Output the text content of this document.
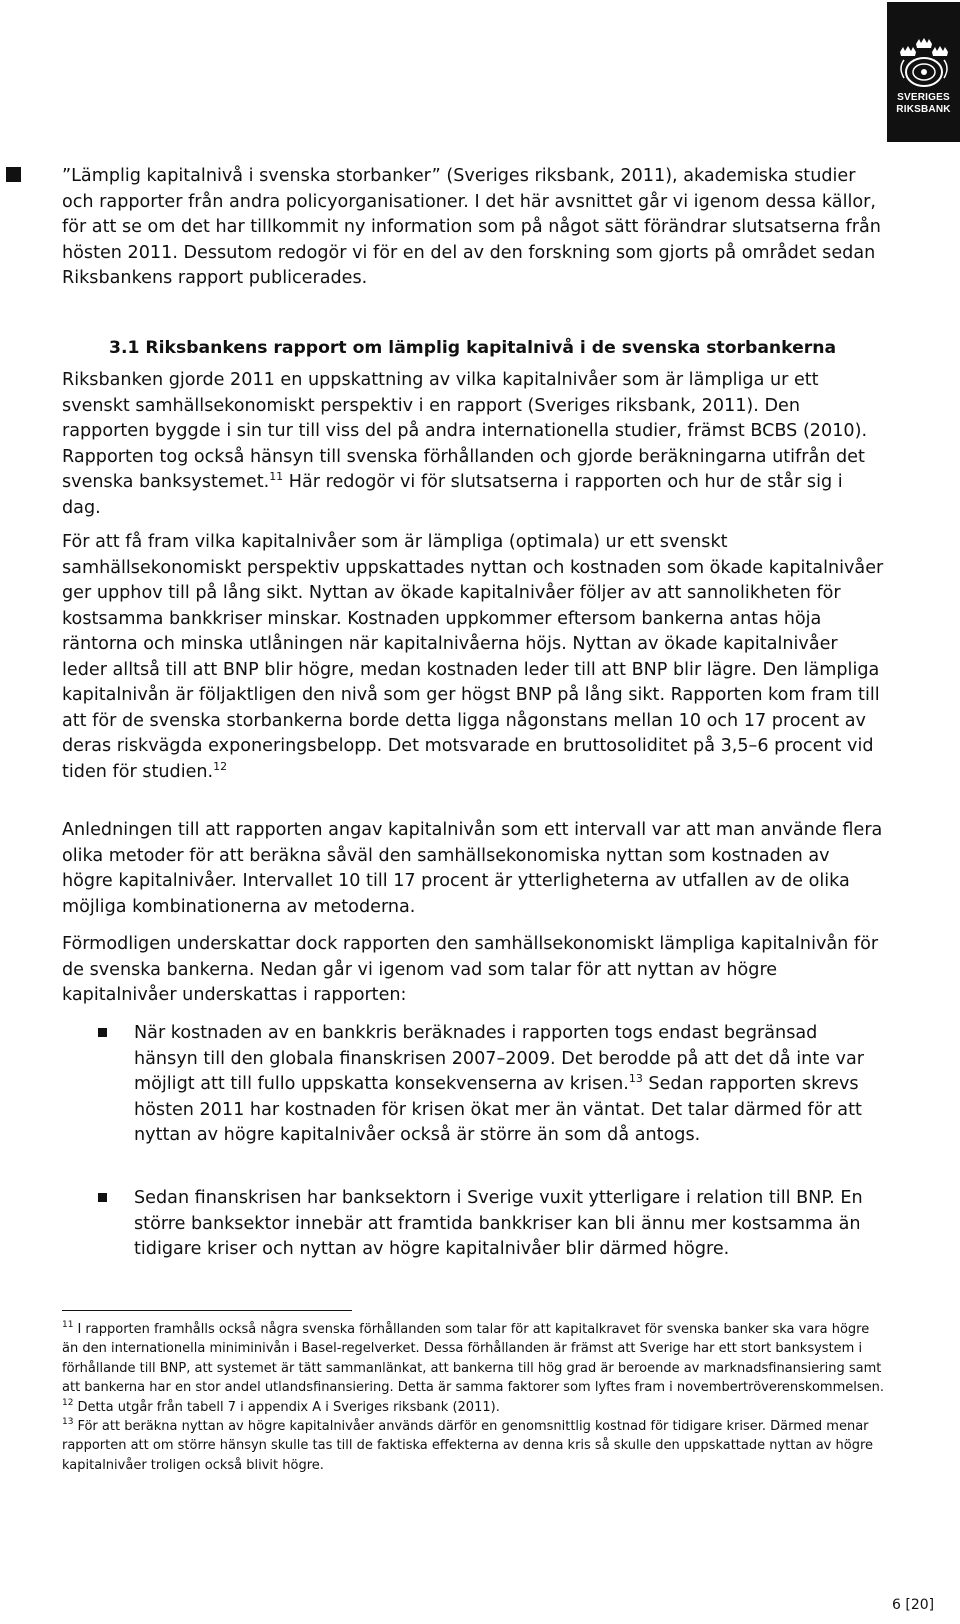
SVERIGES
RIKSBANK

”Lämplig kapitalnivå i svenska storbanker” (Sveriges riksbank, 2011), akademiska studier och rapporter från andra policyorganisationer. I det här avsnittet går vi igenom dessa källor, för att se om det har tillkommit ny information som på något sätt förändrar slutsatserna från hösten 2011. Dessutom redogör vi för en del av den forskning som gjorts på området sedan Riksbankens rapport publicerades.

3.1 Riksbankens rapport om lämplig kapitalnivå i de svenska storbankerna

Riksbanken gjorde 2011 en uppskattning av vilka kapitalnivåer som är lämpliga ur ett svenskt samhällsekonomiskt perspektiv i en rapport (Sveriges riksbank, 2011). Den rapporten byggde i sin tur till viss del på andra internationella studier, främst BCBS (2010). Rapporten tog också hänsyn till svenska förhållanden och gjorde beräkningarna utifrån det svenska banksystemet.$^{11}$ Här redogör vi för slutsatserna i rapporten och hur de står sig i dag.

För att få fram vilka kapitalnivåer som är lämpliga (optimala) ur ett svenskt samhällsekonomiskt perspektiv uppskattades nyttan och kostnaden som ökade kapitalnivåer ger upphov till på lång sikt. Nyttan av ökade kapitalnivåer följer av att sannolikheten för kostsamma bankkriser minskar. Kostnaden uppkommer eftersom bankerna antas höja räntorna och minska utlåningen när kapitalnivåerna höjs. Nyttan av ökade kapitalnivåer leder alltså till att BNP blir högre, medan kostnaden leder till att BNP blir lägre. Den lämpliga kapitalnivån är följaktligen den nivå som ger högst BNP på lång sikt. Rapporten kom fram till att för de svenska storbankerna borde detta ligga någonstans mellan 10 och 17 procent av deras riskvägda exponeringsbelopp. Det motsvarade en bruttosoliditet på 3,5–6 procent vid tiden för studien.$^{12}$

Anledningen till att rapporten angav kapitalnivån som ett intervall var att man använde flera olika metoder för att beräkna såväl den samhällsekonomiska nyttan som kostnaden av högre kapitalnivåer. Intervallet 10 till 17 procent är ytterligheterna av utfallen av de olika möjliga kombinationerna av metoderna.

Förmodligen underskattar dock rapporten den samhällsekonomiskt lämpliga kapitalnivån för de svenska bankerna. Nedan går vi igenom vad som talar för att nyttan av högre kapitalnivåer underskattas i rapporten:

När kostnaden av en bankkris beräknades i rapporten togs endast begränsad hänsyn till den globala finanskrisen 2007–2009. Det berodde på att det då inte var möjligt att till fullo uppskatta konsekvenserna av krisen.$^{13}$ Sedan rapporten skrevs hösten 2011 har kostnaden för krisen ökat mer än väntat. Det talar därmed för att nyttan av högre kapitalnivåer också är större än som då antogs.
Sedan finanskrisen har banksektorn i Sverige vuxit ytterligare i relation till BNP. En större banksektor innebär att framtida bankkriser kan bli ännu mer kostsamma än tidigare kriser och nyttan av högre kapitalnivåer blir därmed högre.

$^{11}$ I rapporten framhålls också några svenska förhållanden som talar för att kapitalkravet för svenska banker ska vara högre än den internationella miniminivån i Basel-regelverket. Dessa förhållanden är främst att Sverige har ett stort banksystem i förhållande till BNP, att systemet är tätt sammanlänkat, att bankerna till hög grad är beroende av marknadsfinansiering samt att bankerna har en stor andel utlandsfinansiering. Detta är samma faktorer som lyftes fram i novembertröverenskommelsen.

$^{12}$ Detta utgår från tabell 7 i appendix A i Sveriges riksbank (2011).

$^{13}$ För att beräkna nyttan av högre kapitalnivåer används därför en genomsnittlig kostnad för tidigare kriser. Därmed menar rapporten att om större hänsyn skulle tas till de faktiska effekterna av denna kris så skulle den uppskattade nyttan av högre kapitalnivåer troligen också blivit högre.

6 [20]
